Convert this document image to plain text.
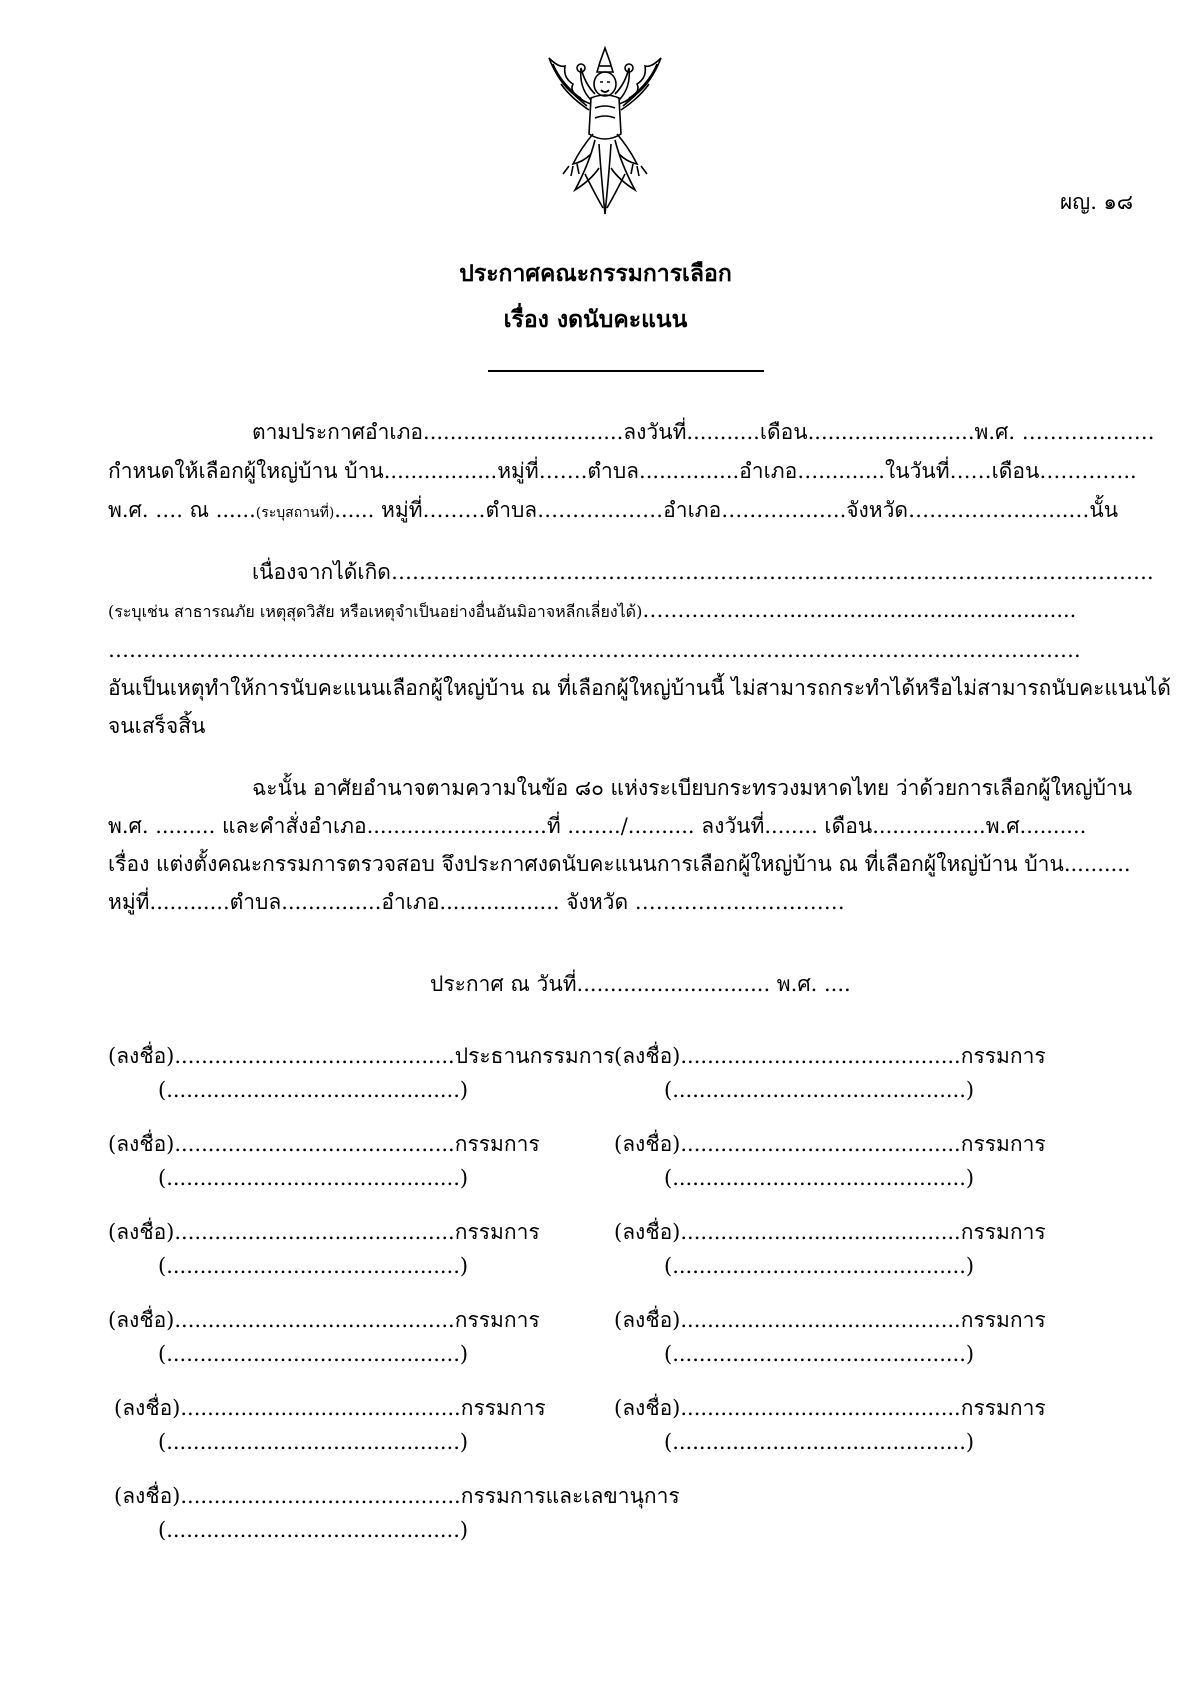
ผญ. ๑๘
ประกาศคณะกรรมการเลือก
เรื่อง งดนับคะแนน
ตามประกาศอำเภอ..............................ลงวันที่...........เดือน.........................พ.ศ. ……………….
กำหนดให้เลือกผู้ใหญ่บ้าน บ้าน.................หมู่ที่…….ตำบล...............อำเภอ…..........ในวันที่……เดือน…………..
พ.ศ. …. ณ ......(ระบุสถานที่)...... หมู่ที่………ตำบล………………อำเภอ………….…..จังหวัด…………………..…นั้น
เนื่องจากได้เกิด……………………………………………………………………………………………….
(ระบุเช่น สาธารณภัย เหตุสุดวิสัย หรือเหตุจำเป็นอย่างอื่นอันมิอาจหลีกเลี่ยงได้)…………………...........................................
………………………………………………………………………………………………………………………….
อันเป็นเหตุทำให้การนับคะแนนเลือกผู้ใหญ่บ้าน ณ ที่เลือกผู้ใหญ่บ้านนี้ ไม่สามารถกระทำได้หรือไม่สามารถนับคะแนนได้
จนเสร็จสิ้น
ฉะนั้น อาศัยอำนาจตามความในข้อ ๘๐ แห่งระเบียบกระทรวงมหาดไทย ว่าด้วยการเลือกผู้ใหญ่บ้าน
พ.ศ. ......... และคำสั่งอำเภอ...........................ที่ ......../.......... ลงวันที่........ เดือน.................พ.ศ..........
เรื่อง แต่งตั้งคณะกรรมการตรวจสอบ จึงประกาศงดนับคะแนนการเลือกผู้ใหญ่บ้าน ณ ที่เลือกผู้ใหญ่บ้าน บ้าน..........
หมู่ที่............ตำบล...............อำเภอ.................. จังหวัด …………………………
ประกาศ ณ วันที่............................. พ.ศ. ....
(ลงชื่อ)..........................................ประธานกรรมการ (ลงชื่อ)..........................................กรรมการ
(............................................)	(............................................)
(ลงชื่อ)..........................................กรรมการ	(ลงชื่อ)..........................................กรรมการ
(............................................)	(............................................)
(ลงชื่อ)..........................................กรรมการ	(ลงชื่อ)..........................................กรรมการ
(............................................)	(............................................)
(ลงชื่อ)..........................................กรรมการ	(ลงชื่อ)..........................................กรรมการ
(............................................)	(............................................)
(ลงชื่อ)..........................................กรรมการ	(ลงชื่อ)..........................................กรรมการ
(............................................)	(............................................)
(ลงชื่อ)..........................................กรรมการและเลขานุการ
(............................................)
